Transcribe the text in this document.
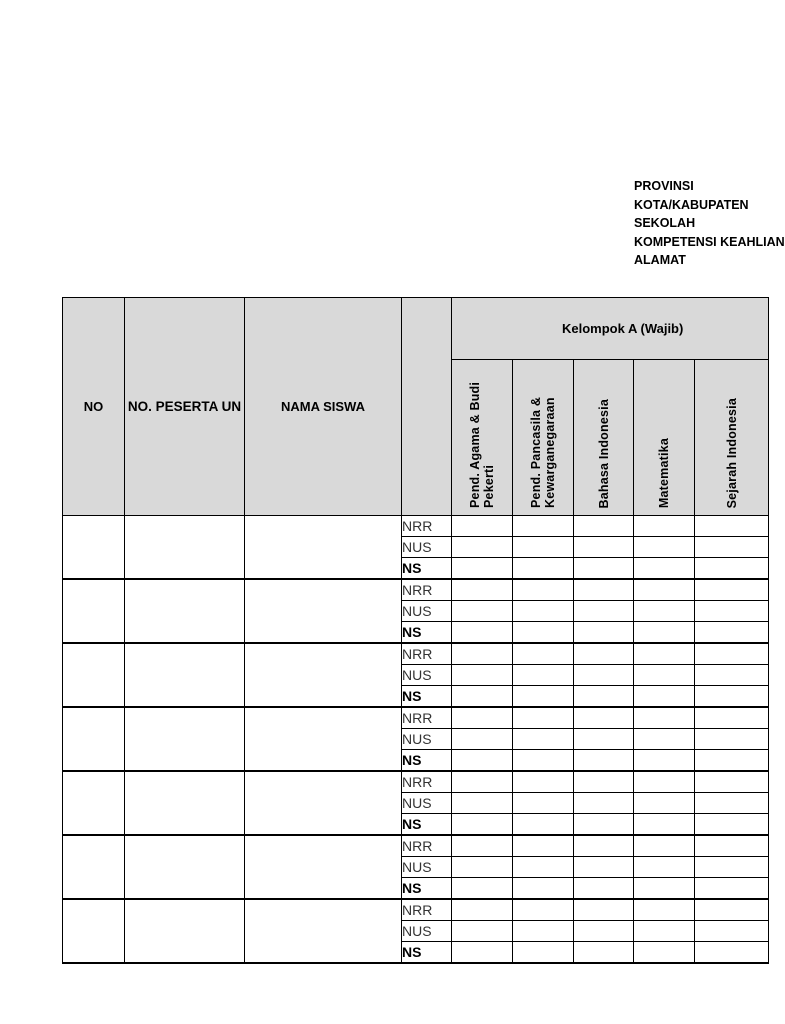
PROVINSI
KOTA/KABUPATEN
SEKOLAH
KOMPETENSI KEAHLIAN
ALAMAT
NO	NO. PESERTA UN	NAMA SISWA		Kelompok A (Wajib)				
				Pend. Agama & Budi Pekerti	Pend. Pancasila & Kewarganegaraan	Bahasa Indonesia	Matematika	Sejarah Indonesia
			NRR					
			NUS					
			NS					
			NRR					
			NUS					
			NS					
			NRR					
			NUS					
			NS					
			NRR					
			NUS					
			NS					
			NRR					
			NUS					
			NS					
			NRR					
			NUS					
			NS					
			NRR					
			NUS					
			NS					
